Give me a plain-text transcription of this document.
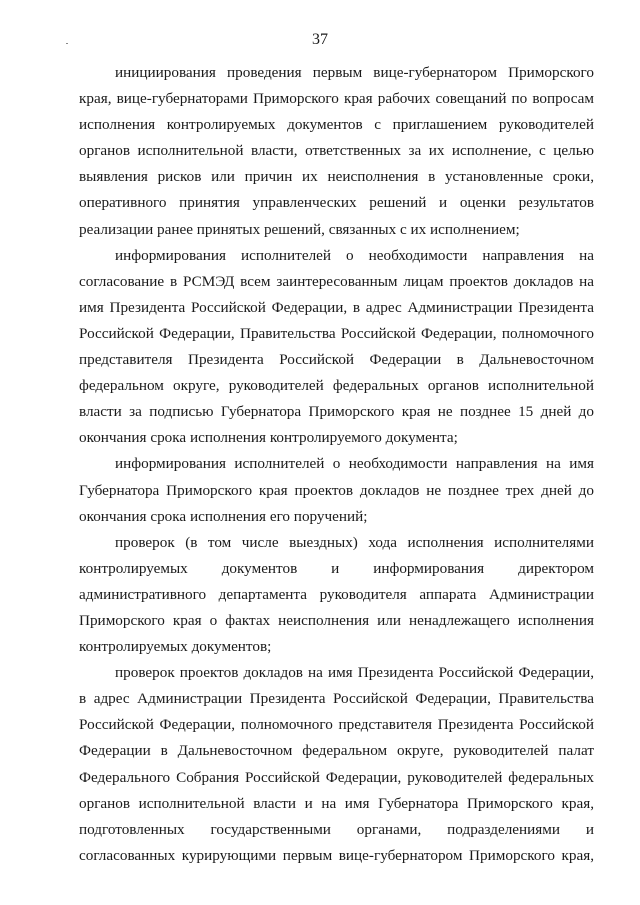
37

инициирования проведения первым вице-губернатором Приморского края, вице-губернаторами Приморского края рабочих совещаний по вопросам исполнения контролируемых документов с приглашением руководителей органов исполнительной власти, ответственных за их исполнение, с целью выявления рисков или причин их неисполнения в установленные сроки, оперативного принятия управленческих решений и оценки результатов реализации ранее принятых решений, связанных с их исполнением;

информирования исполнителей о необходимости направления на согласование в РСМЭД всем заинтересованным лицам проектов докладов на имя Президента Российской Федерации, в адрес Администрации Президента Российской Федерации, Правительства Российской Федерации, полномочного представителя Президента Российской Федерации в Дальневосточном федеральном округе, руководителей федеральных органов исполнительной власти за подписью Губернатора Приморского края не позднее 15 дней до окончания срока исполнения контролируемого документа;

информирования исполнителей о необходимости направления на имя Губернатора Приморского края проектов докладов не позднее трех дней до окончания срока исполнения его поручений;

проверок (в том числе выездных) хода исполнения исполнителями контролируемых документов и информирования директором административного департамента руководителя аппарата Администрации Приморского края о фактах неисполнения или ненадлежащего исполнения контролируемых документов;

проверок проектов докладов на имя Президента Российской Федерации, в адрес Администрации Президента Российской Федерации, Правительства Российской Федерации, полномочного представителя Президента Российской Федерации в Дальневосточном федеральном округе, руководителей палат Федерального Собрания Российской Федерации, руководителей федеральных органов исполнительной власти и на имя Губернатора Приморского края, подготовленных государственными органами, подразделениями и согласованных курирующими первым вице-губернатором Приморского края,
